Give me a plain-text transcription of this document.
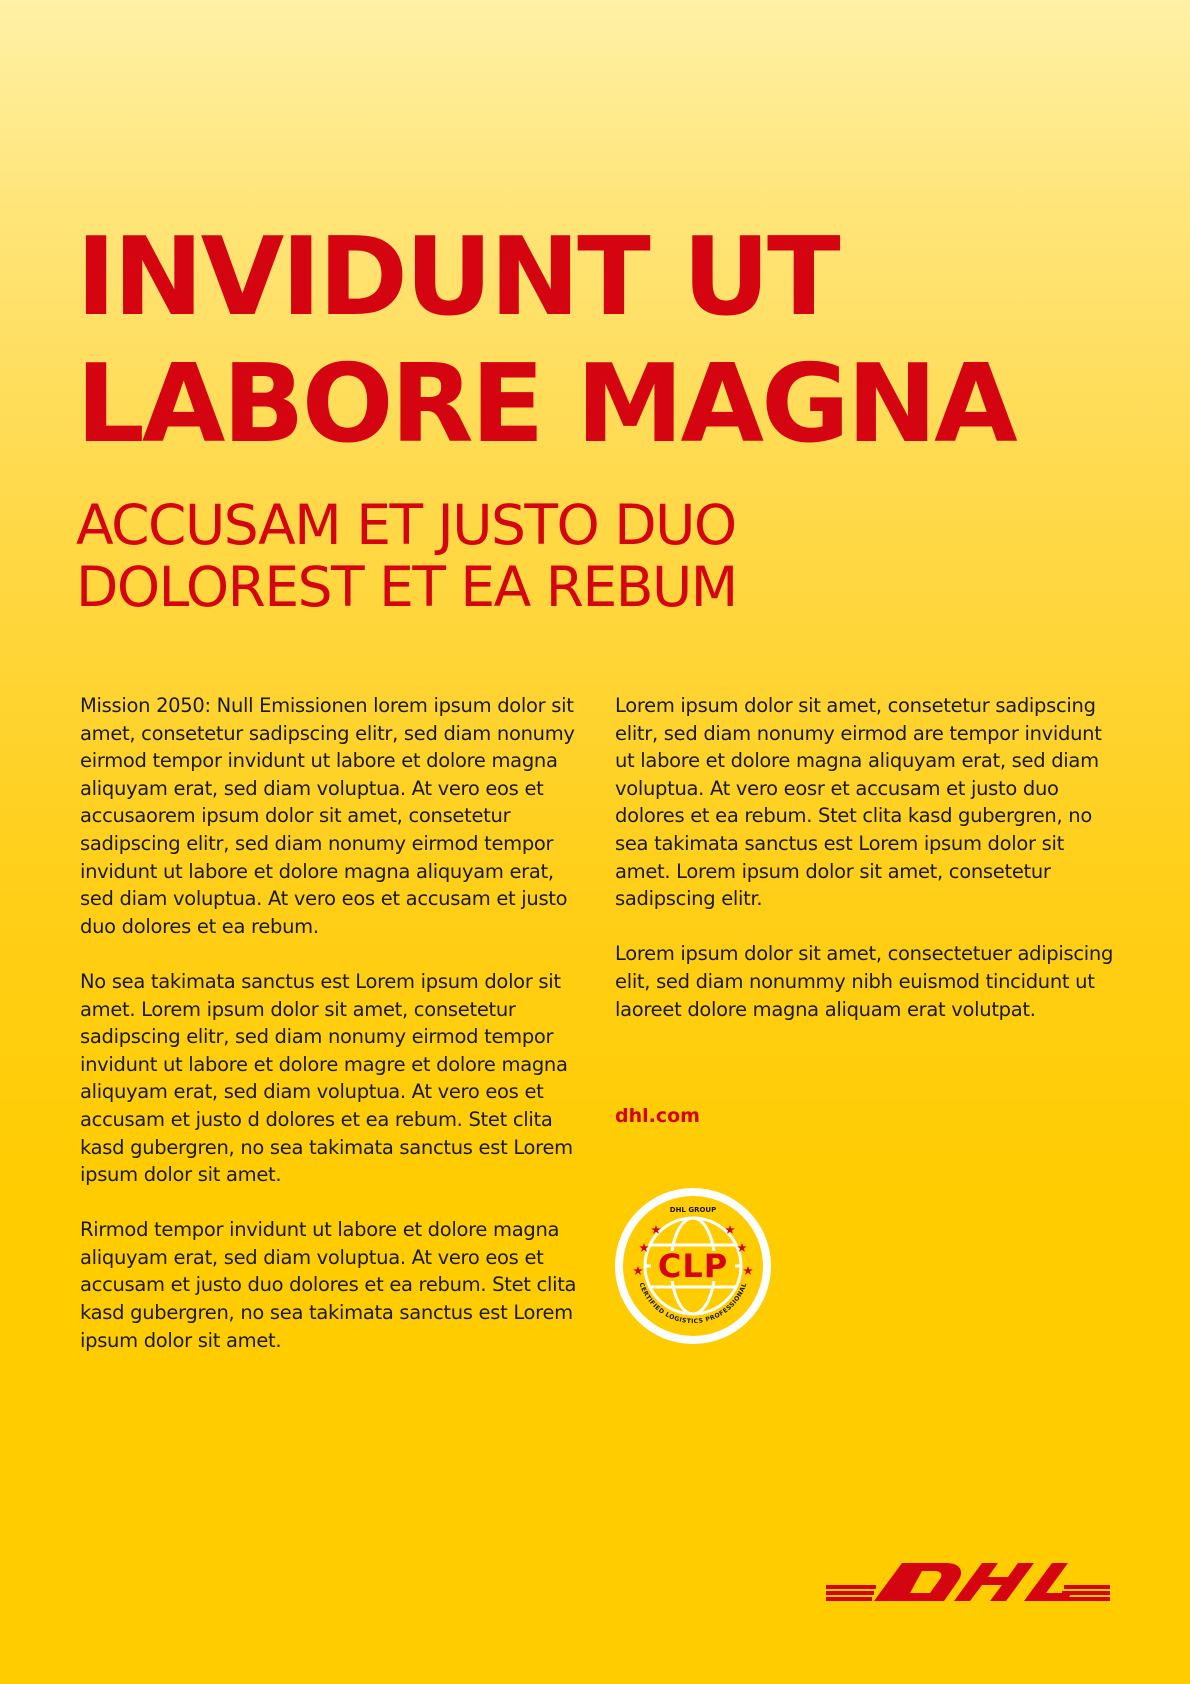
INVIDUNT UT
LABORE MAGNA
ACCUSAM ET JUSTO DUO
DOLOREST ET EA REBUM

Mission 2050: Null Emissionen lorem ipsum dolor sit amet, consetetur sadipscing elitr, sed diam nonumy eirmod tempor invidunt ut labore et dolore magna aliquyam erat, sed diam voluptua. At vero eos et accusaorem ipsum dolor sit amet, consetetur sadipscing elitr, sed diam nonumy eirmod tempor invidunt ut labore et dolore magna aliquyam erat, sed diam voluptua. At vero eos et accusam et justo duo dolores et ea rebum.

No sea takimata sanctus est Lorem ipsum dolor sit amet. Lorem ipsum dolor sit amet, consetetur sadipscing elitr, sed diam nonumy eirmod tempor invidunt ut labore et dolore magre et dolore magna aliquyam erat, sed diam voluptua. At vero eos et accusam et justo d dolores et ea rebum. Stet clita kasd gubergren, no sea takimata sanctus est Lorem ipsum dolor sit amet.

Rirmod tempor invidunt ut labore et dolore magna aliquyam erat, sed diam voluptua. At vero eos et accusam et justo duo dolores et ea rebum. Stet clita kasd gubergren, no sea takimata sanctus est Lorem ipsum dolor sit amet.

Lorem ipsum dolor sit amet, consetetur sadipscing elitr, sed diam nonumy eirmod are tempor invidunt ut labore et dolore magna aliquyam erat, sed diam voluptua. At vero eosr et accusam et justo duo dolores et ea rebum. Stet clita kasd gubergren, no sea takimata sanctus est Lorem ipsum dolor sit amet. Lorem ipsum dolor sit amet, consetetur sadipscing elitr.

Lorem ipsum dolor sit amet, consectetuer adipiscing elit, sed diam nonummy nibh euismod tincidunt ut laoreet dolore magna aliquam erat volutpat.

dhl.com
CLP
DHL GROUP
CERTIFIED LOGISTICS PROFESSIONAL
